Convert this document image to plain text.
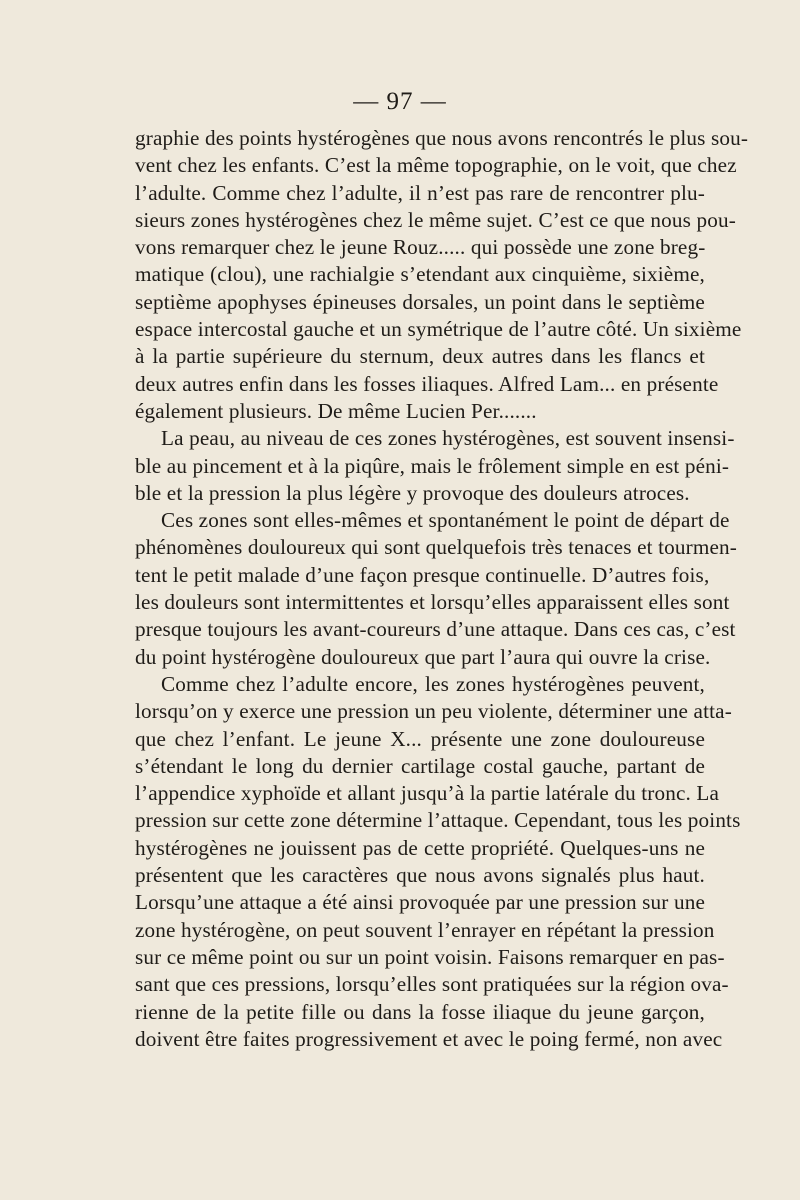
— 97 —
graphie des points hystérogènes que nous avons rencontrés le plus sou-
vent chez les enfants. C’est la même topographie, on le voit, que chez
l’adulte. Comme chez l’adulte, il n’est pas rare de rencontrer plu-
sieurs zones hystérogènes chez le même sujet. C’est ce que nous pou-
vons remarquer chez le jeune Rouz..... qui possède une zone breg-
matique (clou), une rachialgie s’etendant aux cinquième, sixième,
septième apophyses épineuses dorsales, un point dans le septième
espace intercostal gauche et un symétrique de l’autre côté. Un sixième
à la partie supérieure du sternum, deux autres dans les flancs et
deux autres enfin dans les fosses iliaques. Alfred Lam... en présente
également plusieurs. De même Lucien Per.......
La peau, au niveau de ces zones hystérogènes, est souvent insensi-
ble au pincement et à la piqûre, mais le frôlement simple en est péni-
ble et la pression la plus légère y provoque des douleurs atroces.
Ces zones sont elles-mêmes et spontanément le point de départ de
phénomènes douloureux qui sont quelquefois très tenaces et tourmen-
tent le petit malade d’une façon presque continuelle. D’autres fois,
les douleurs sont intermittentes et lorsqu’elles apparaissent elles sont
presque toujours les avant-coureurs d’une attaque. Dans ces cas, c’est
du point hystérogène douloureux que part l’aura qui ouvre la crise.
Comme chez l’adulte encore, les zones hystérogènes peuvent,
lorsqu’on y exerce une pression un peu violente, déterminer une atta-
que chez l’enfant. Le jeune X... présente une zone douloureuse
s’étendant le long du dernier cartilage costal gauche, partant de
l’appendice xyphoïde et allant jusqu’à la partie latérale du tronc. La
pression sur cette zone détermine l’attaque. Cependant, tous les points
hystérogènes ne jouissent pas de cette propriété. Quelques-uns ne
présentent que les caractères que nous avons signalés plus haut.
Lorsqu’une attaque a été ainsi provoquée par une pression sur une
zone hystérogène, on peut souvent l’enrayer en répétant la pression
sur ce même point ou sur un point voisin. Faisons remarquer en pas-
sant que ces pressions, lorsqu’elles sont pratiquées sur la région ova-
rienne de la petite fille ou dans la fosse iliaque du jeune garçon,
doivent être faites progressivement et avec le poing fermé, non avec
